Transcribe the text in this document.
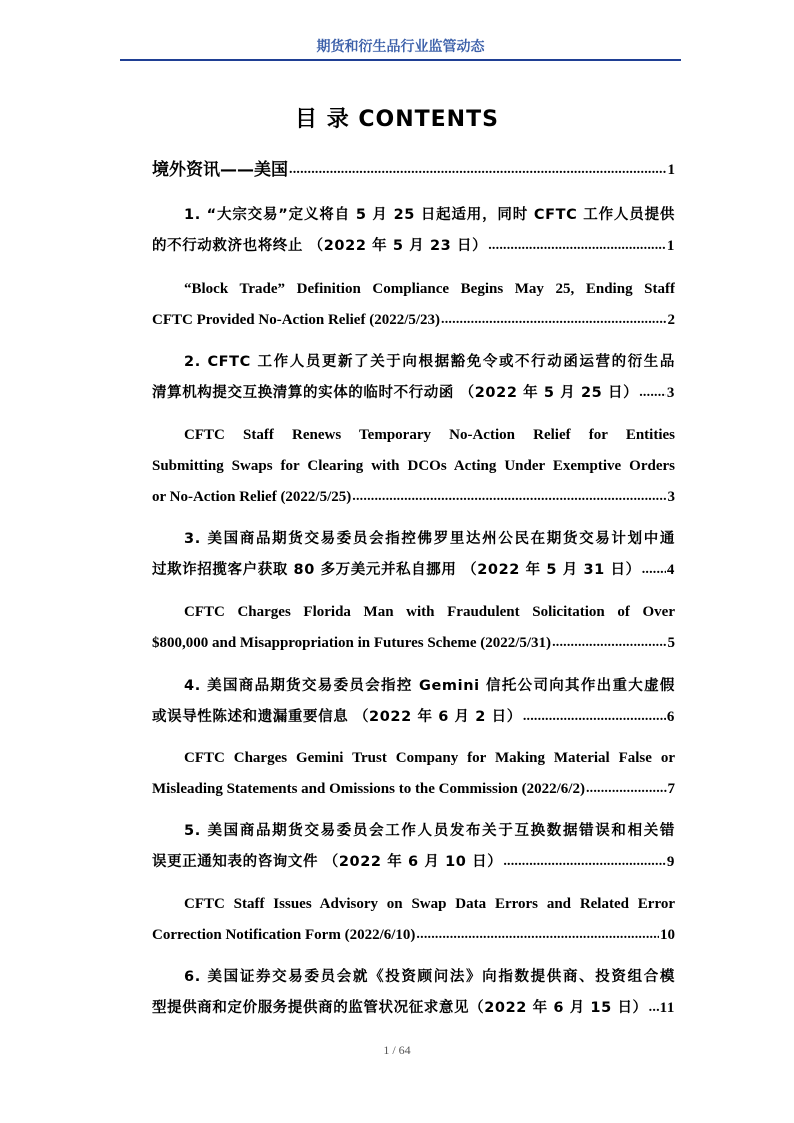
期货和衍生品行业监管动态
目 录 CONTENTS
境外资讯——美国 .....	1
1. “大宗交易”定义将自 5 月 25 日起适用，同时 CFTC 工作人员提供
的不行动救济也将终止 （2022 年 5 月 23 日） .....	1
“Block Trade” Definition Compliance Begins May 25, Ending Staff
CFTC Provided No-Action Relief (2022/5/23) .....	2
2. CFTC 工作人员更新了关于向根据豁免令或不行动函运营的衍生品
清算机构提交互换清算的实体的临时不行动函 （2022 年 5 月 25 日） ..... 3
CFTC Staff Renews Temporary No-Action Relief for Entities
Submitting Swaps for Clearing with DCOs Acting Under Exemptive Orders
or No-Action Relief (2022/5/25) .....	3
3. 美国商品期货交易委员会指控佛罗里达州公民在期货交易计划中通
过欺诈招揽客户获取 80 多万美元并私自挪用 （2022 年 5 月 31 日） ..... 4
CFTC Charges Florida Man with Fraudulent Solicitation of Over
$800,000 and Misappropriation in Futures Scheme (2022/5/31) .....	5
4. 美国商品期货交易委员会指控 Gemini 信托公司向其作出重大虚假
或误导性陈述和遗漏重要信息 （2022 年 6 月 2 日） .....	6
CFTC Charges Gemini Trust Company for Making Material False or
Misleading Statements and Omissions to the Commission (2022/6/2) .....	7
5. 美国商品期货交易委员会工作人员发布关于互换数据错误和相关错
误更正通知表的咨询文件 （2022 年 6 月 10 日） .....	9
CFTC Staff Issues Advisory on Swap Data Errors and Related Error
Correction Notification Form (2022/6/10) .....	10
6. 美国证券交易委员会就《投资顾问法》向指数提供商、投资组合模
型提供商和定价服务提供商的监管状况征求意见（2022 年 6 月 15 日） ..... 11
1 / 64
